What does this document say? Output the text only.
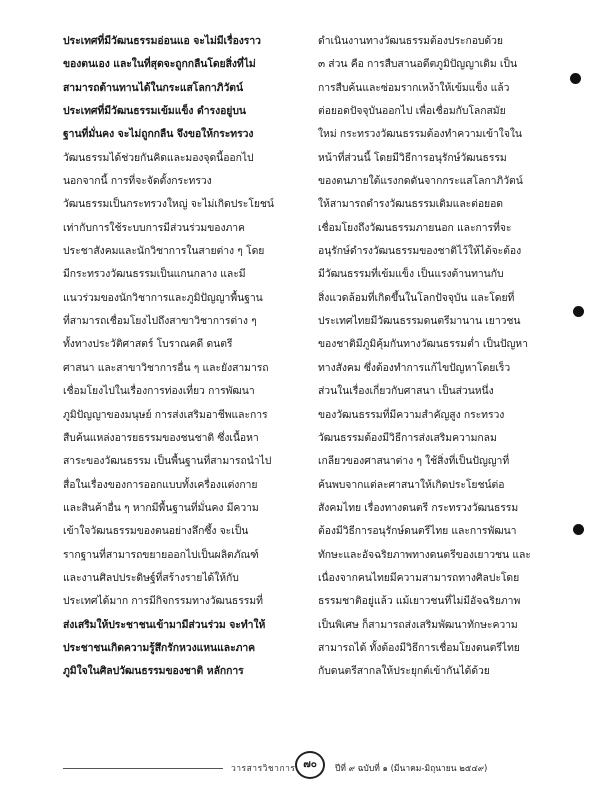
ประเทศที่มีวัฒนธรรมอ่อนแอ จะไม่มีเรื่องราว
ของตนเอง และในที่สุดจะถูกกลืนโดยสิ่งที่ไม่
สามารถต้านทานได้ในกระแสโลกาภิวัตน์
ประเทศที่มีวัฒนธรรมเข้มแข็ง ดำรงอยู่บน
ฐานที่มั่นคง จะไม่ถูกกลืน จึงขอให้กระทรวง
วัฒนธรรมได้ช่วยกันคิดและมองจุดนี้ออกไป
นอกจากนี้ การที่จะจัดตั้งกระทรวง
วัฒนธรรมเป็นกระทรวงใหญ่ จะไม่เกิดประโยชน์
เท่ากับการใช้ระบบการมีส่วนร่วมของภาค
ประชาสังคมและนักวิชาการในสายต่าง ๆ โดย
มีกระทรวงวัฒนธรรมเป็นแกนกลาง และมี
แนวร่วมของนักวิชาการและภูมิปัญญาพื้นฐาน
ที่สามารถเชื่อมโยงไปถึงสาขาวิชาการต่าง ๆ
ทั้งทางประวัติศาสตร์ โบราณคดี ดนตรี
ศาสนา และสาขาวิชาการอื่น ๆ และยังสามารถ
เชื่อมโยงไปในเรื่องการท่องเที่ยว การพัฒนา
ภูมิปัญญาของมนุษย์ การส่งเสริมอาชีพและการ
สืบค้นแหล่งอารยธรรมของชนชาติ ซึ่งเนื้อหา
สาระของวัฒนธรรม เป็นพื้นฐานที่สามารถนำไป
สื่อในเรื่องของการออกแบบทั้งเครื่องแต่งกาย
และสินค้าอื่น ๆ หากมีพื้นฐานที่มั่นคง มีความ
เข้าใจวัฒนธรรมของตนอย่างลึกซึ้ง จะเป็น
รากฐานที่สามารถขยายออกไปเป็นผลิตภัณฑ์
และงานศิลปประดิษฐ์ที่สร้างรายได้ให้กับ
ประเทศได้มาก การมีกิจกรรมทางวัฒนธรรมที่
ส่งเสริมให้ประชาชนเข้ามามีส่วนร่วม จะทำให้
ประชาชนเกิดความรู้สึกรักหวงแหนและภาค
ภูมิใจในศิลปวัฒนธรรมของชาติ หลักการ
ดำเนินงานทางวัฒนธรรมต้องประกอบด้วย
๓ ส่วน คือ การสืบสานอดีตภูมิปัญญาเดิม เป็น
การสืบค้นและซ่อมรากเหง้าให้เข้มแข็ง แล้ว
ต่อยอดปัจจุบันออกไป เพื่อเชื่อมกับโลกสมัย
ใหม่ กระทรวงวัฒนธรรมต้องทำความเข้าใจใน
หน้าที่ส่วนนี้ โดยมีวิธีการอนุรักษ์วัฒนธรรม
ของตนภายใต้แรงกดดันจากกระแสโลกาภิวัตน์
ให้สามารถดำรงวัฒนธรรมเดิมและต่อยอด
เชื่อมโยงถึงวัฒนธรรมภายนอก และการที่จะ
อนุรักษ์ดำรงวัฒนธรรมของชาติไว้ให้ได้จะต้อง
มีวัฒนธรรมที่เข้มแข็ง เป็นแรงต้านทานกับ
สิ่งแวดล้อมที่เกิดขึ้นในโลกปัจจุบัน และโดยที่
ประเทศไทยมีวัฒนธรรมดนตรีมานาน เยาวชน
ของชาติมีภูมิคุ้มกันทางวัฒนธรรมต่ำ เป็นปัญหา
ทางสังคม ซึ่งต้องทำการแก้ไขปัญหาโดยเร็ว
ส่วนในเรื่องเกี่ยวกับศาสนา เป็นส่วนหนึ่ง
ของวัฒนธรรมที่มีความสำคัญสูง กระทรวง
วัฒนธรรมต้องมีวิธีการส่งเสริมความกลม
เกลียวของศาสนาต่าง ๆ ใช้สิ่งที่เป็นปัญญาที่
ค้นพบจากแต่ละศาสนาให้เกิดประโยชน์ต่อ
สังคมไทย เรื่องทางดนตรี กระทรวงวัฒนธรรม
ต้องมีวิธีการอนุรักษ์ดนตรีไทย และการพัฒนา
ทักษะและอัจฉริยภาพทางดนตรีของเยาวชน และ
เนื่องจากคนไทยมีความสามารถทางศิลปะโดย
ธรรมชาติอยู่แล้ว แม้เยาวชนที่ไม่มีอัจฉริยภาพ
เป็นพิเศษ ก็สามารถส่งเสริมพัฒนาทักษะความ
สามารถได้ ทั้งต้องมีวิธีการเชื่อมโยงดนตรีไทย
กับดนตรีสากลให้ประยุกต์เข้ากันได้ด้วย
๗๐
วารสารวิชาการ	ปีที่ ๙ ฉบับที่ ๑ (มีนาคม-มิถุนายน ๒๕๔๙)
